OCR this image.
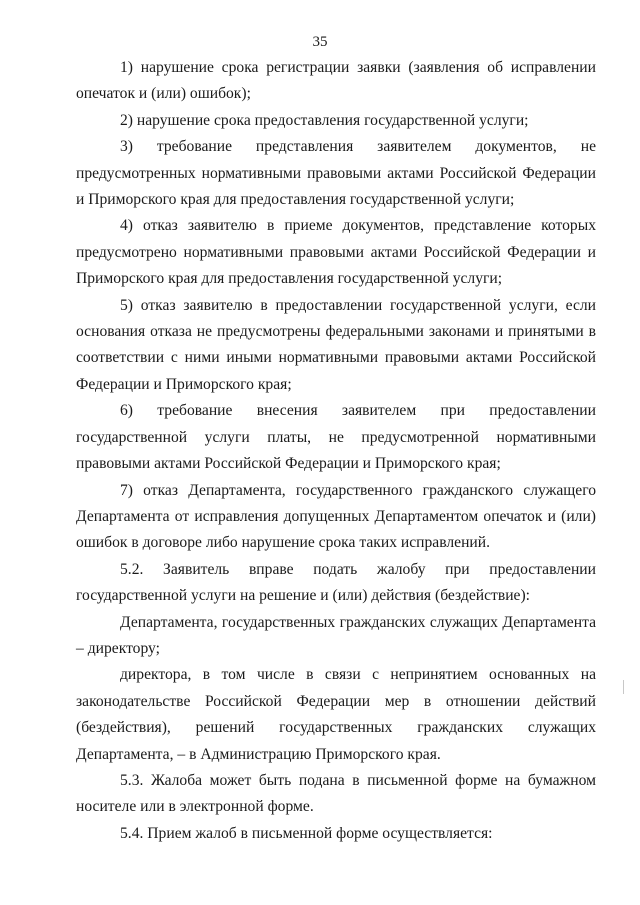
35

1) нарушение срока регистрации заявки (заявления об исправлении опечаток и (или) ошибок);

2) нарушение срока предоставления государственной услуги;

3) требование представления заявителем документов, не предусмотренных нормативными правовыми актами Российской Федерации и Приморского края для предоставления государственной услуги;

4) отказ заявителю в приеме документов, представление которых предусмотрено нормативными правовыми актами Российской Федерации и Приморского края для предоставления государственной услуги;

5) отказ заявителю в предоставлении государственной услуги, если основания отказа не предусмотрены федеральными законами и принятыми в соответствии с ними иными нормативными правовыми актами Российской Федерации и Приморского края;

6) требование внесения заявителем при предоставлении государственной услуги платы, не предусмотренной нормативными правовыми актами Российской Федерации и Приморского края;

7) отказ Департамента, государственного гражданского служащего Департамента от исправления допущенных Департаментом опечаток и (или) ошибок в договоре либо нарушение срока таких исправлений.

5.2. Заявитель вправе подать жалобу при предоставлении государственной услуги на решение и (или) действия (бездействие):

Департамента, государственных гражданских служащих Департамента – директору;

директора, в том числе в связи с непринятием основанных на законодательстве Российской Федерации мер в отношении действий (бездействия), решений государственных гражданских служащих Департамента, – в Администрацию Приморского края.

5.3. Жалоба может быть подана в письменной форме на бумажном носителе или в электронной форме.

5.4. Прием жалоб в письменной форме осуществляется:
